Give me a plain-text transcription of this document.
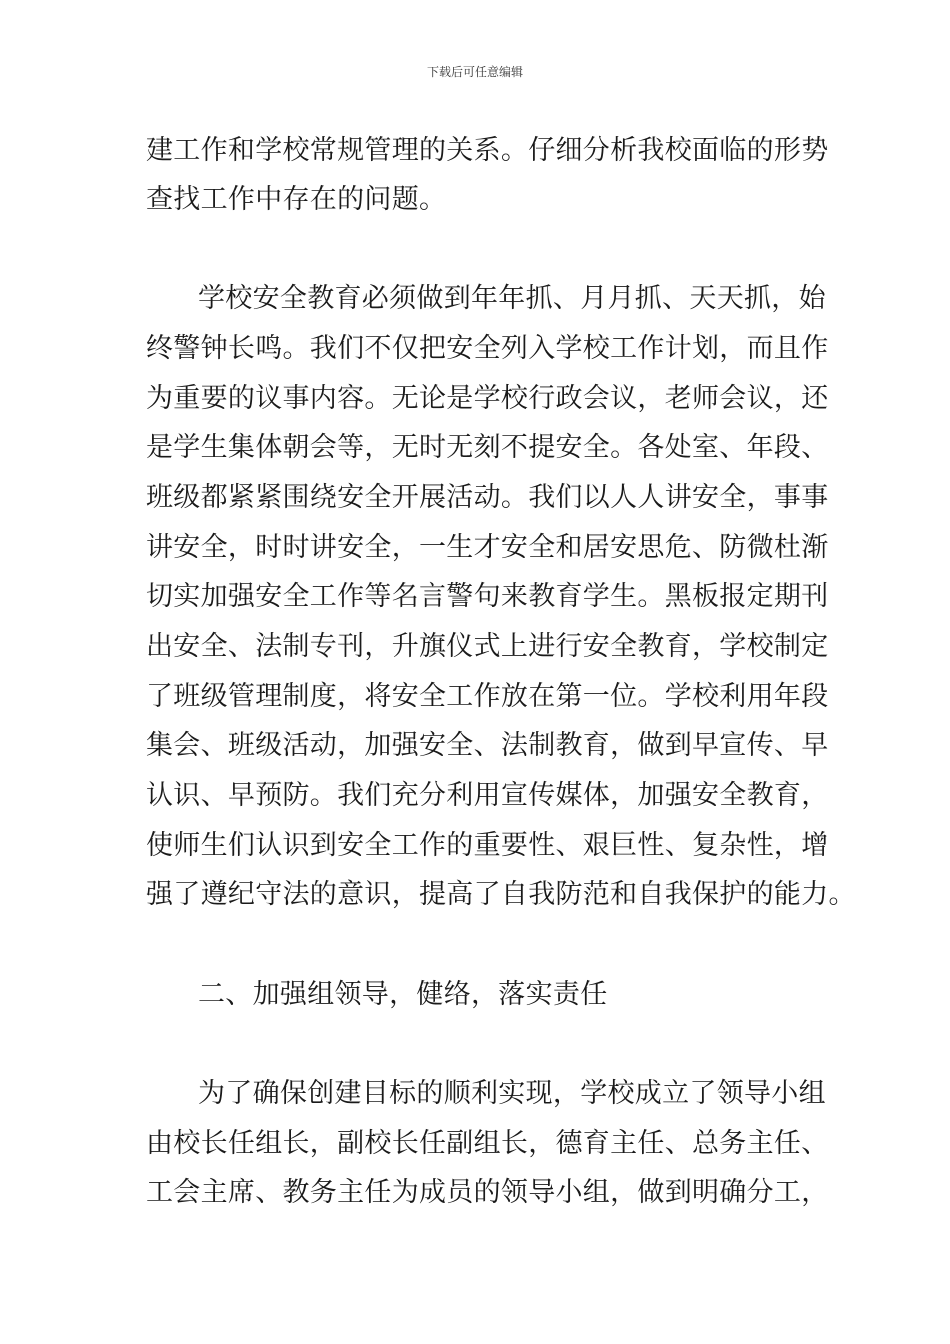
下载后可任意编辑
建工作和学校常规管理的关系。仔细分析我校面临的形势
查找工作中存在的问题。
学校安全教育必须做到年年抓、月月抓、天天抓，始
终警钟长鸣。我们不仅把安全列入学校工作计划，而且作
为重要的议事内容。无论是学校行政会议，老师会议，还
是学生集体朝会等，无时无刻不提安全。各处室、年段、
班级都紧紧围绕安全开展活动。我们以人人讲安全，事事
讲安全，时时讲安全，一生才安全和居安思危、防微杜渐
切实加强安全工作等名言警句来教育学生。黑板报定期刊
出安全、法制专刊，升旗仪式上进行安全教育，学校制定
了班级管理制度，将安全工作放在第一位。学校利用年段
集会、班级活动，加强安全、法制教育，做到早宣传、早
认识、早预防。我们充分利用宣传媒体，加强安全教育，
使师生们认识到安全工作的重要性、艰巨性、复杂性，增
强了遵纪守法的意识，提高了自我防范和自我保护的能力。
二、加强组领导，健络，落实责任
为了确保创建目标的顺利实现，学校成立了领导小组
由校长任组长，副校长任副组长，德育主任、总务主任、
工会主席、教务主任为成员的领导小组，做到明确分工，
